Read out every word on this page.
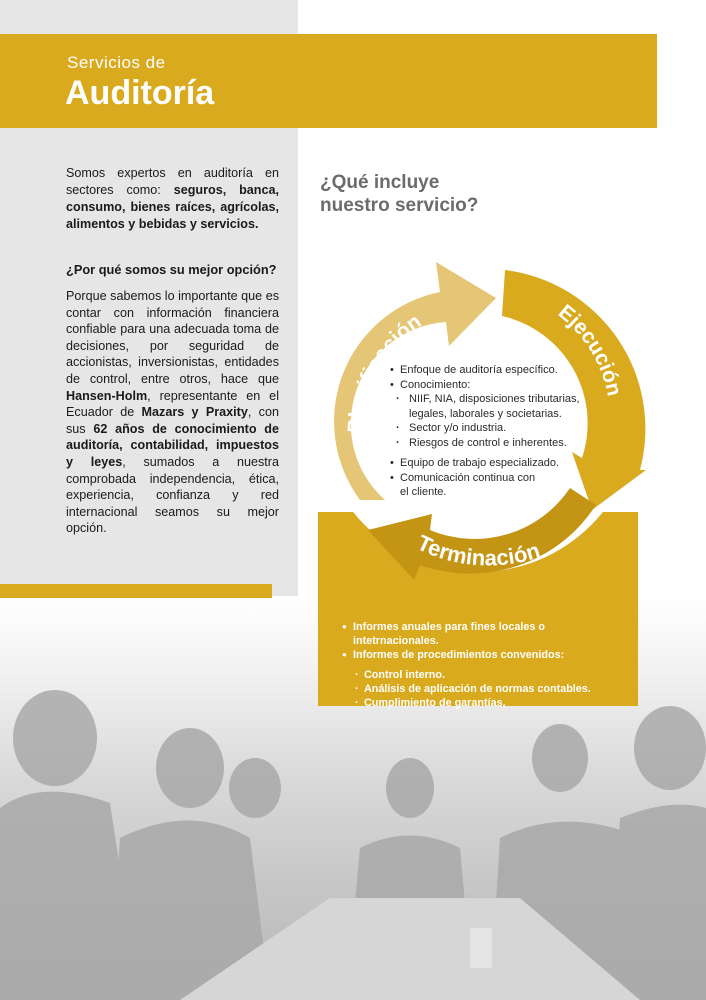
Servicios de
Auditoría
Somos expertos en auditoría en sectores como: seguros, banca, consumo, bienes raíces, agrícolas, alimentos y bebidas y servicios.
¿Por qué somos su mejor opción?
Porque sabemos lo importante que es contar con información financiera confiable para una adecuada toma de decisiones, por seguridad de accionistas, inversionistas, entidades de control, entre otros, hace que Hansen-Holm, representante en el Ecuador de Mazars y Praxity, con sus 62 años de conocimiento de auditoría, contabilidad, impuestos y leyes, sumados a nuestra comprobada independencia, ética, experiencia, confianza y red internacional seamos su mejor opción.
¿Qué incluye
nuestro servicio?
Planificación	Ejecución
Terminación
• Enfoque de auditoría específico.
• Conocimiento:
· NIIF, NIA, disposiciones tributarias,
legales, laborales y societarias.
· Sector y/o industria.
· Riesgos de control e inherentes.
• Equipo de trabajo especializado.
• Comunicación continua con
el cliente.
● Informes anuales para fines locales o intetrnacionales.
● Informes de procedimientos convenidos:
· Control interno.
· Análisis de aplicación de normas contables.
· Cumplimiento de garantías.
